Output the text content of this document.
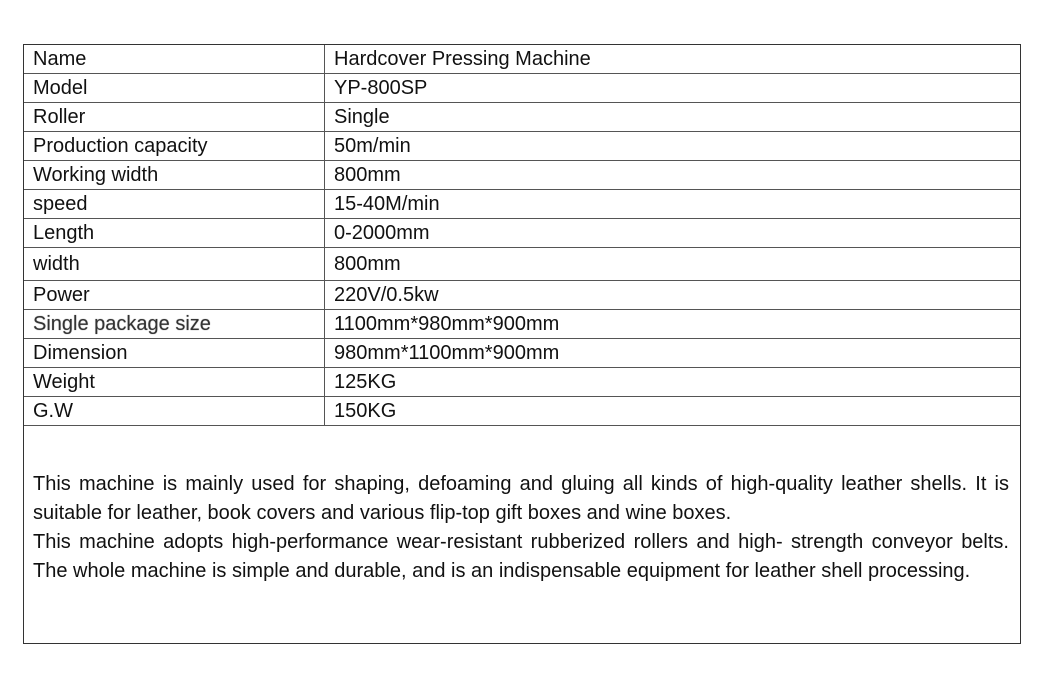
Name	Hardcover Pressing Machine
Model	YP-800SP
Roller	Single
Production capacity	50m/min
Working width	800mm
speed	15-40M/min
Length	0-2000mm
width	800mm
Power	220V/0.5kw
Single package size	1100mm*980mm*900mm
Dimension	980mm*1100mm*900mm
Weight	125KG
G.W	150KG

This machine is mainly used for shaping, defoaming and gluing all kinds of high-quality leather shells. It is suitable for leather, book covers and various flip-top gift boxes and wine boxes.

This machine adopts high-performance wear-resistant rubberized rollers and high- strength conveyor belts. The whole machine is simple and durable, and is an indispensable equipment for leather shell processing.
